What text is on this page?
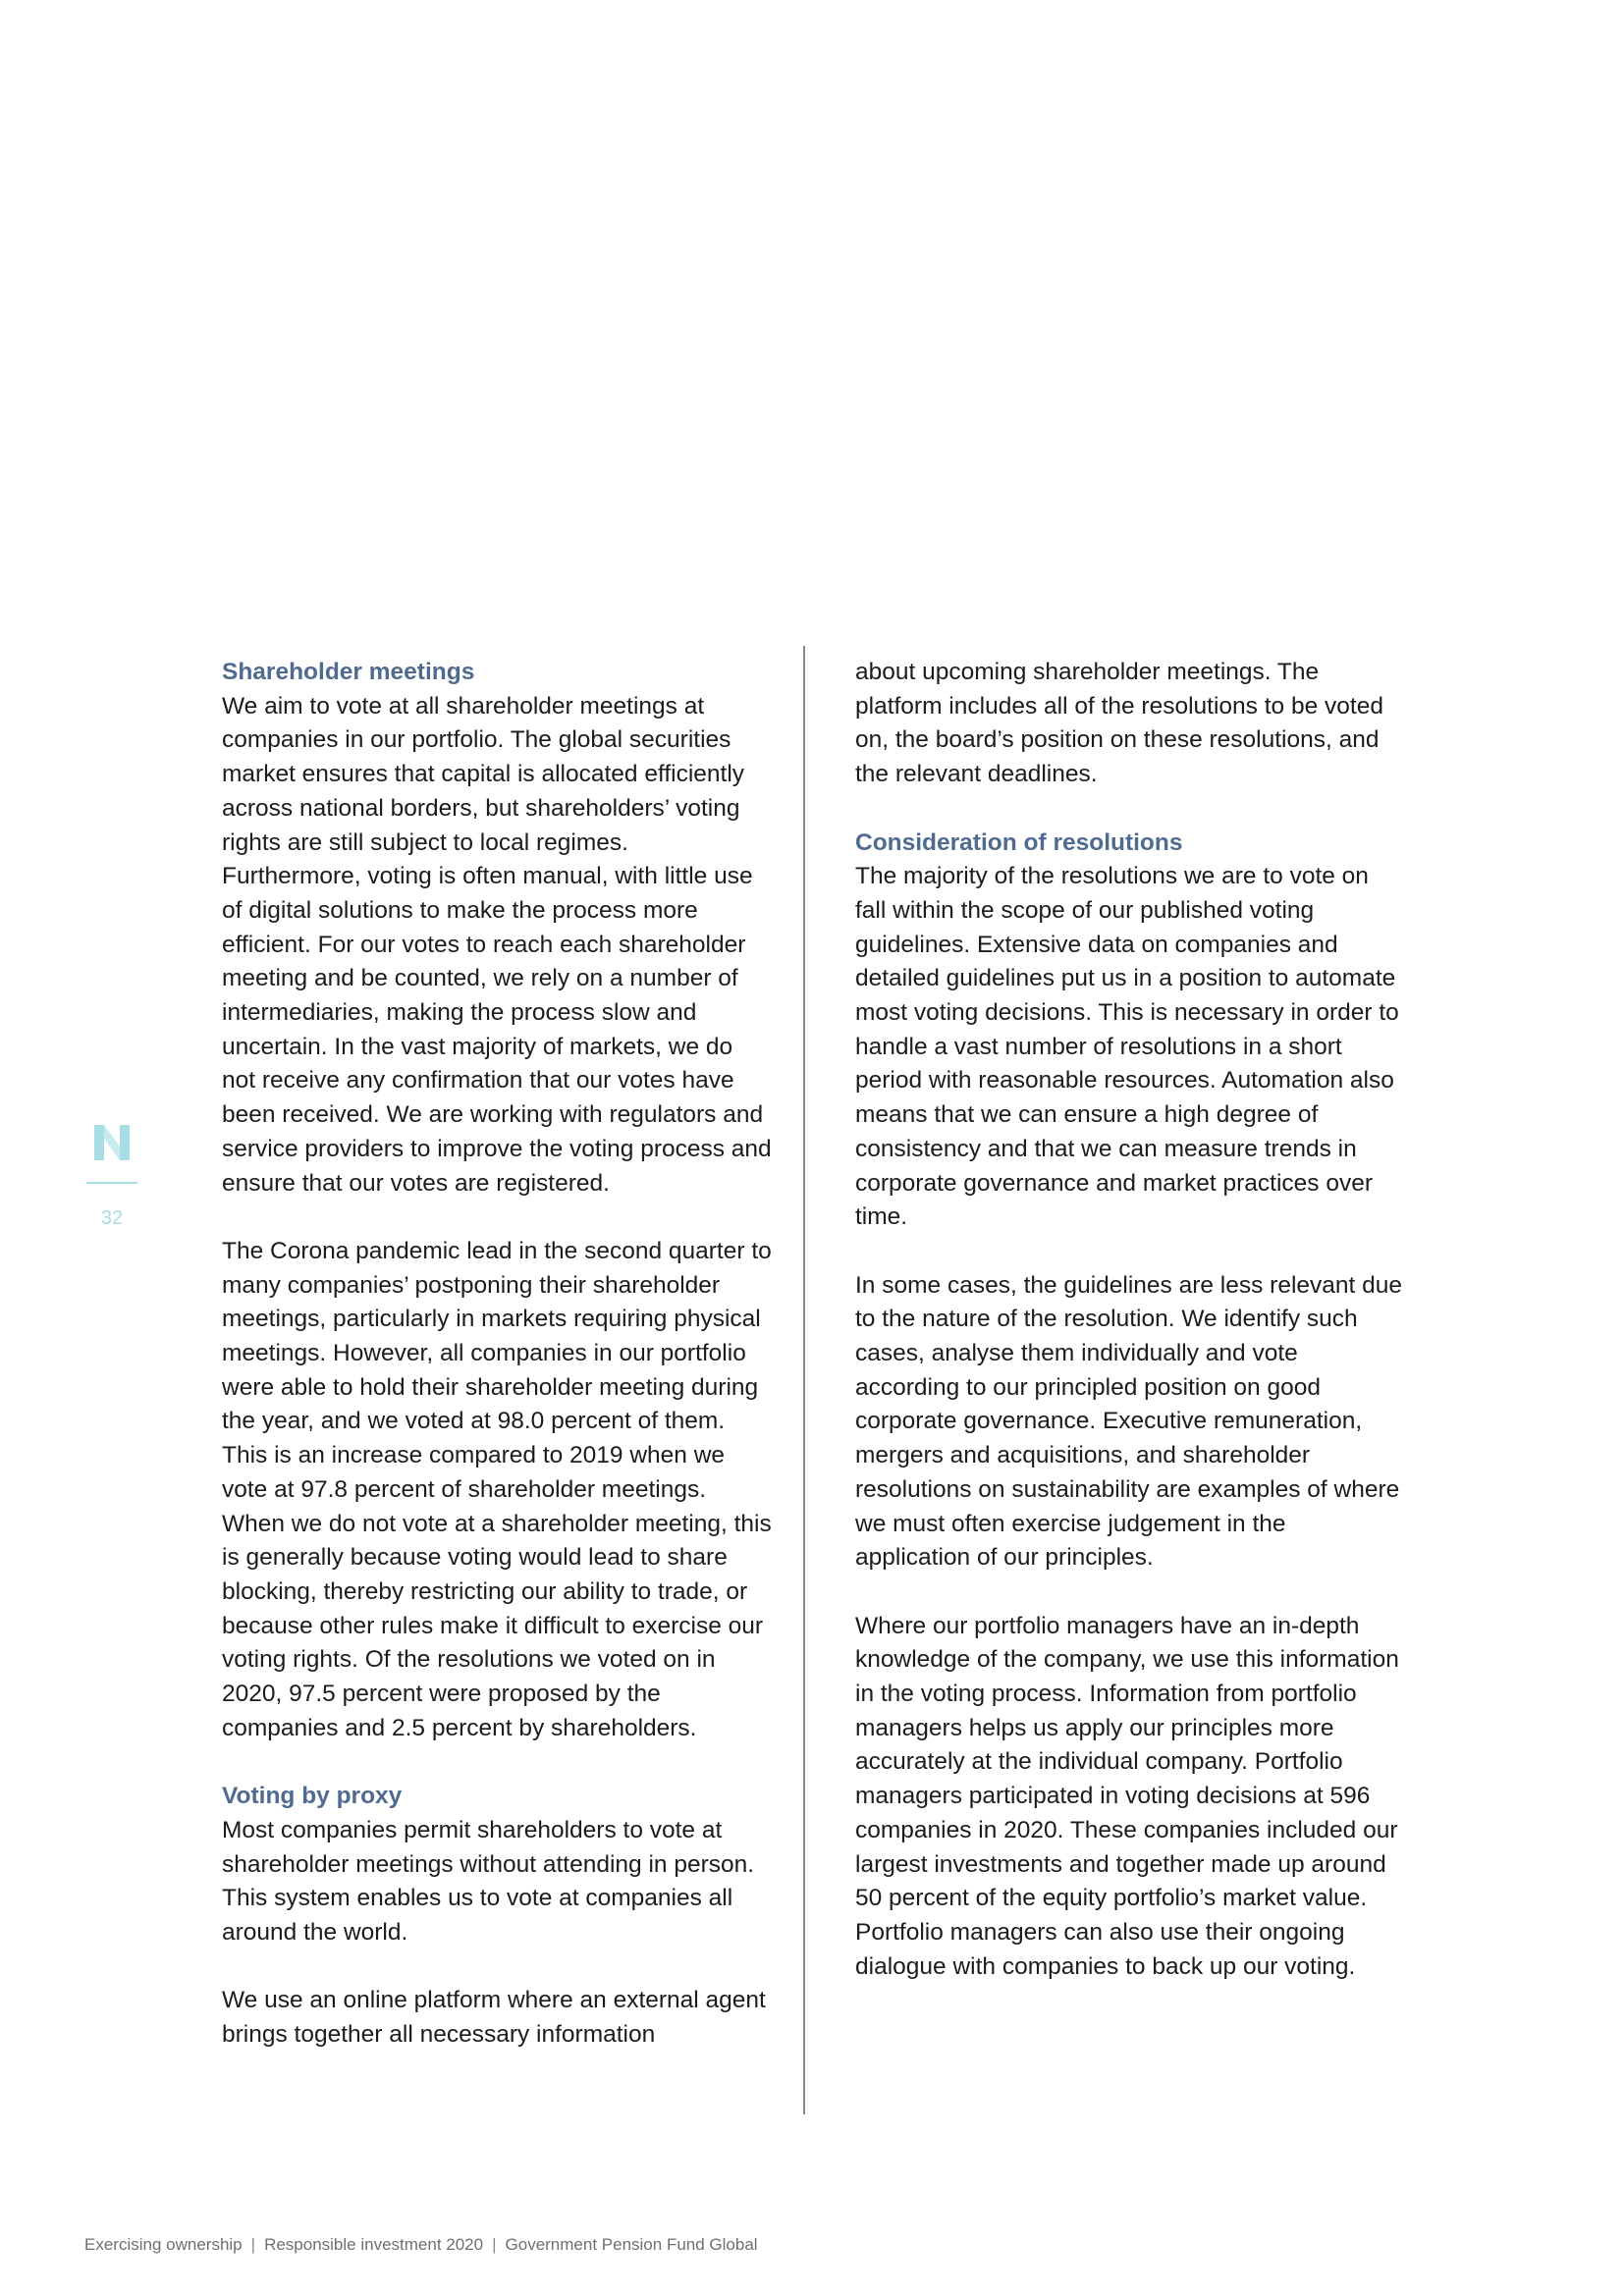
Shareholder meetings

We aim to vote at all shareholder meetings at companies in our portfolio. The global securities market ensures that capital is allocated efficiently across national borders, but shareholders’ voting rights are still subject to local regimes. Furthermore, voting is often manual, with little use of digital solutions to make the process more efficient. For our votes to reach each shareholder meeting and be counted, we rely on a number of intermediaries, making the process slow and uncertain. In the vast majority of markets, we do not receive any confirmation that our votes have been received. We are working with regulators and service providers to improve the voting process and ensure that our votes are registered.

The Corona pandemic lead in the second quarter to many companies’ postponing their shareholder meetings, particularly in markets requiring physical meetings. However, all companies in our portfolio were able to hold their shareholder meeting during the year, and we voted at 98.0 percent of them. This is an increase compared to 2019 when we vote at 97.8 percent of shareholder meetings. When we do not vote at a shareholder meeting, this is generally because voting would lead to share blocking, thereby restricting our ability to trade, or because other rules make it difficult to exercise our voting rights. Of the resolutions we voted on in 2020, 97.5 percent were proposed by the companies and 2.5 percent by shareholders.

Voting by proxy

Most companies permit shareholders to vote at shareholder meetings without attending in person. This system enables us to vote at companies all around the world.

We use an online platform where an external agent brings together all necessary information

about upcoming shareholder meetings. The platform includes all of the resolutions to be voted on, the board’s position on these resolutions, and the relevant deadlines.

Consideration of resolutions

The majority of the resolutions we are to vote on fall within the scope of our published voting guidelines. Extensive data on companies and detailed guidelines put us in a position to automate most voting decisions. This is necessary in order to handle a vast number of resolutions in a short period with reasonable resources. Automation also means that we can ensure a high degree of consistency and that we can measure trends in corporate governance and market practices over time.

In some cases, the guidelines are less relevant due to the nature of the resolution. We identify such cases, analyse them individually and vote according to our principled position on good corporate governance. Executive remuneration, mergers and acquisitions, and shareholder resolutions on sustainability are examples of where we must often exercise judgement in the application of our principles.

Where our portfolio managers have an in-depth knowledge of the company, we use this information in the voting process. Information from portfolio managers helps us apply our principles more accurately at the individual company. Portfolio managers participated in voting decisions at 596 companies in 2020. These companies included our largest investments and together made up around 50 percent of the equity portfolio’s market value. Portfolio managers can also use their ongoing dialogue with companies to back up our voting.

32
Exercising ownership | Responsible investment 2020 | Government Pension Fund Global
